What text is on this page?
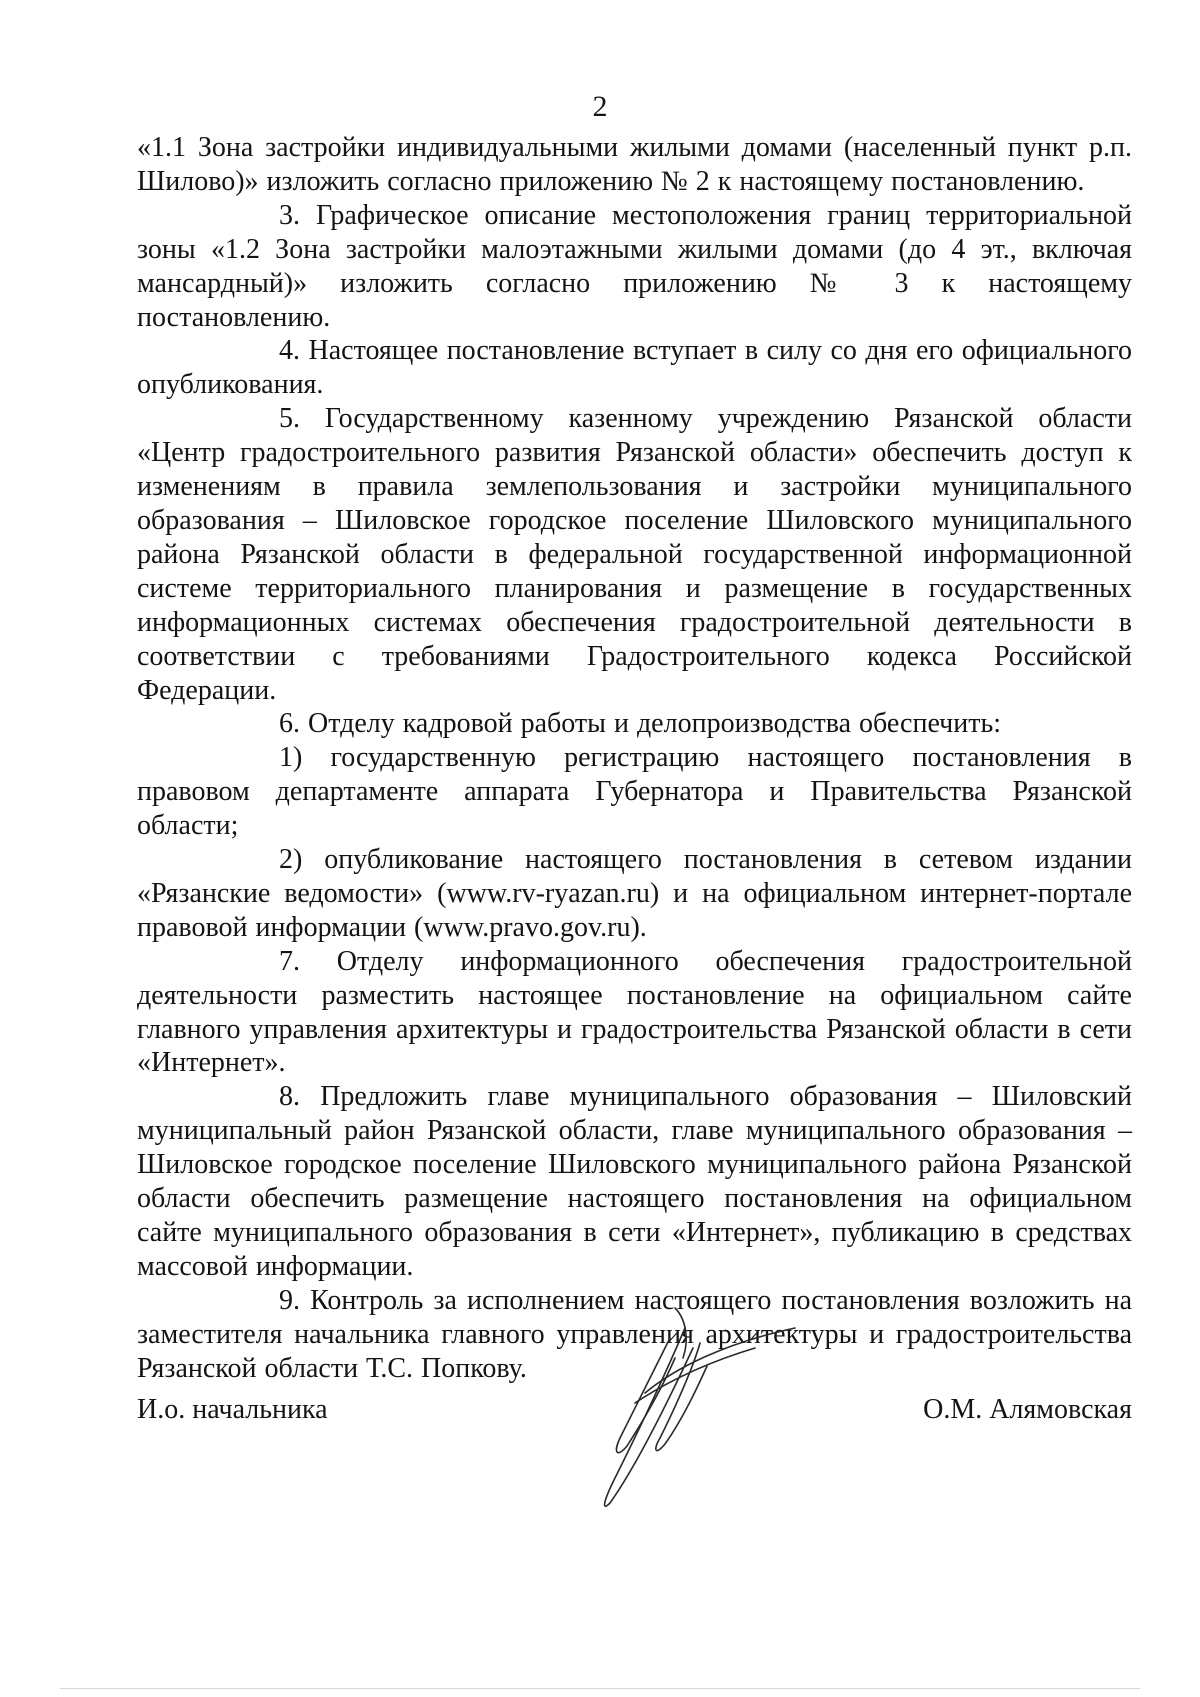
2

«1.1 Зона застройки индивидуальными жилыми домами (населенный пункт р.п. Шилово)» изложить согласно приложению № 2 к настоящему постановлению.

3. Графическое описание местоположения границ территориальной зоны «1.2 Зона застройки малоэтажными жилыми домами (до 4 эт., включая мансардный)» изложить согласно приложению № 3 к настоящему постановлению.

4. Настоящее постановление вступает в силу со дня его официального опубликования.

5. Государственному казенному учреждению Рязанской области «Центр градостроительного развития Рязанской области» обеспечить доступ к изменениям в правила землепользования и застройки муниципального образования – Шиловское городское поселение Шиловского муниципального района Рязанской области в федеральной государственной информационной системе территориального планирования и размещение в государственных информационных системах обеспечения градостроительной деятельности в соответствии с требованиями Градостроительного кодекса Российской Федерации.

6. Отделу кадровой работы и делопроизводства обеспечить:

1) государственную регистрацию настоящего постановления в правовом департаменте аппарата Губернатора и Правительства Рязанской области;

2) опубликование настоящего постановления в сетевом издании «Рязанские ведомости» (www.rv-ryazan.ru) и на официальном интернет-портале правовой информации (www.pravo.gov.ru).

7. Отделу информационного обеспечения градостроительной деятельности разместить настоящее постановление на официальном сайте главного управления архитектуры и градостроительства Рязанской области в сети «Интернет».

8. Предложить главе муниципального образования – Шиловский муниципальный район Рязанской области, главе муниципального образования – Шиловское городское поселение Шиловского муниципального района Рязанской области обеспечить размещение настоящего постановления на официальном сайте муниципального образования в сети «Интернет», публикацию в средствах массовой информации.

9. Контроль за исполнением настоящего постановления возложить на заместителя начальника главного управления архитектуры и градостроительства Рязанской области Т.С. Попкову.

И.о. начальника	О.М. Алямовская
